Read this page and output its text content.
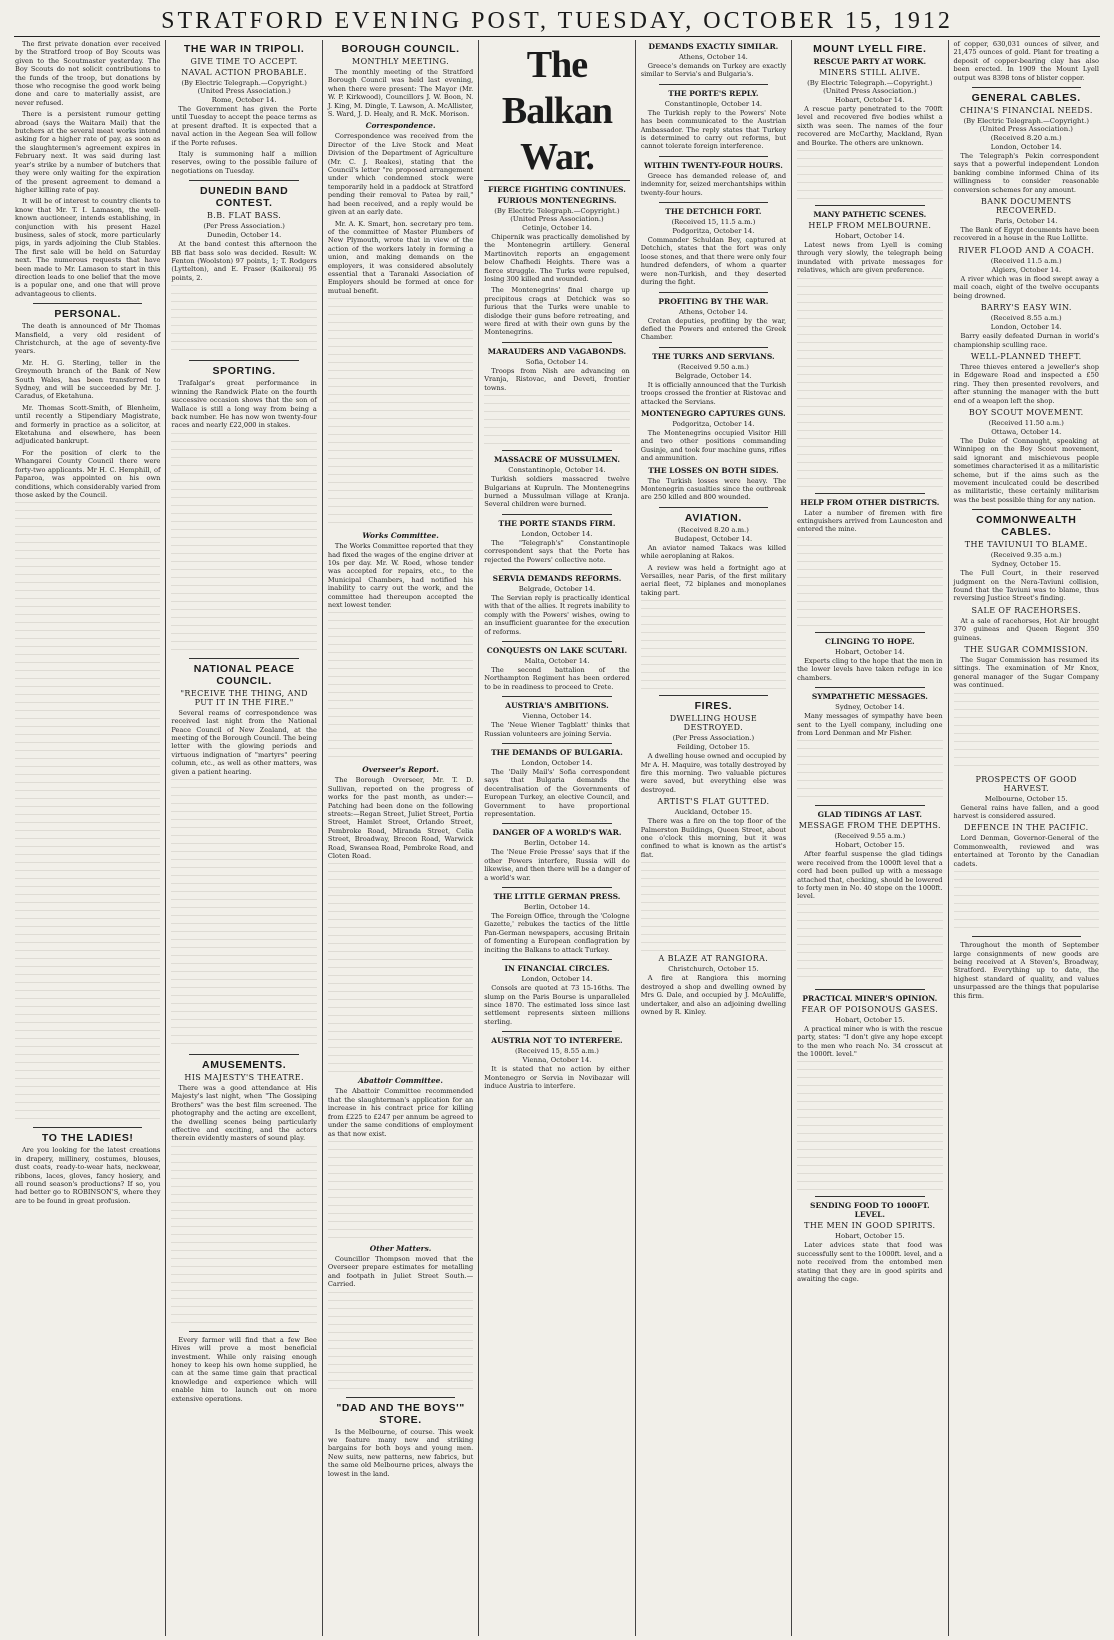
STRATFORD EVENING POST, TUESDAY, OCTOBER 15, 1912

The first private donation ever received by the Stratford troop of Boy Scouts was given to the Scoutmaster yesterday. The Boy Scouts do not solicit contributions to the funds of the troop, but donations by those who recognise the good work being done and care to materially assist, are never refused.

There is a persistent rumour getting abroad (says the Waitara Mail) that the butchers at the several meat works intend asking for a higher rate of pay, as soon as the slaughtermen's agreement expires in February next. It was said during last year's strike by a number of butchers that they were only waiting for the expiration of the present agreement to demand a higher killing rate of pay.

It will be of interest to country clients to know that Mr. T. I. Lamason, the well-known auctioneer, intends establishing, in conjunction with his present Hazel business, sales of stock, more particularly pigs, in yards adjoining the Club Stables. The first sale will be held on Saturday next. The numerous requests that have been made to Mr. Lamason to start in this direction leads to one belief that the move is a popular one, and one that will prove advantageous to clients.

PERSONAL.

The death is announced of Mr Thomas Mansfield, a very old resident of Christchurch, at the age of seventy-five years.

Mr. H. G. Sterling, teller in the Greymouth branch of the Bank of New South Wales, has been transferred to Sydney, and will be succeeded by Mr. J. Caradus, of Eketahuna.

Mr. Thomas Scott-Smith, of Blenheim, until recently a Stipendiary Magistrate, and formerly in practice as a solicitor, at Eketahuna and elsewhere, has been adjudicated bankrupt.

For the position of clerk to the Whangarei County Council there were forty-two applicants. Mr H. C. Hemphill, of Paparoa, was appointed on his own conditions, which considerably varied from those asked by the Council.

TO THE LADIES!

Are you looking for the latest creations in drapery, millinery, costumes, blouses, dust coats, ready-to-wear hats, neckwear, ribbons, laces, gloves, fancy hosiery, and all round season's productions? If so, you had better go to ROBINSON'S, where they are to be found in great profusion.

THE WAR IN TRIPOLI.
GIVE TIME TO ACCEPT.
NAVAL ACTION PROBABLE.
(By Electric Telegraph.—Copyright.) (United Press Association.)
Rome, October 14.

The Government has given the Porte until Tuesday to accept the peace terms as at present drafted. It is expected that a naval action in the Aegean Sea will follow if the Porte refuses.

Italy is summoning half a million reserves, owing to the possible failure of negotiations on Tuesday.

DUNEDIN BAND CONTEST.
B.B. FLAT BASS.
(Per Press Association.)
Dunedin, October 14.

At the band contest this afternoon the BB flat bass solo was decided. Result: W. Fenton (Woolston) 97 points, 1; T. Rodgers (Lyttelton), and E. Fraser (Kaikorai) 95 points, 2.

SPORTING.

Trafalgar's great performance in winning the Randwick Plate on the fourth successive occasion shows that the son of Wallace is still a long way from being a back number. He has now won twenty-four races and nearly £22,000 in stakes.

NATIONAL PEACE COUNCIL.
"RECEIVE THE THING, AND PUT IT IN THE FIRE."

Several reams of correspondence was received last night from the National Peace Council of New Zealand, at the meeting of the Borough Council. The being letter with the glowing periods and virtuous indignation of "martyrs" peering column, etc., as well as other matters, was given a patient hearing.

AMUSEMENTS.
HIS MAJESTY'S THEATRE.

There was a good attendance at His Majesty's last night, when "The Gossiping Brothers" was the best film screened. The photography and the acting are excellent, the dwelling scenes being particularly effective and exciting, and the actors therein evidently masters of sound play.

Every farmer will find that a few Bee Hives will prove a most beneficial investment. While only raising enough honey to keep his own home supplied, he can at the same time gain that practical knowledge and experience which will enable him to launch out on more extensive operations.

BOROUGH COUNCIL.
MONTHLY MEETING.

The monthly meeting of the Stratford Borough Council was held last evening, when there were present: The Mayor (Mr. W. P. Kirkwood), Councillors J. W. Boon, N. J. King, M. Dingle, T. Lawson, A. McAllister, S. Ward, J. D. Healy, and R. McK. Morison.

Correspondence.

Correspondence was received from the Director of the Live Stock and Meat Division of the Department of Agriculture (Mr. C. J. Reakes), stating that the Council's letter "re proposed arrangement under which condemned stock were temporarily held in a paddock at Stratford pending their removal to Patea by rail," had been received, and a reply would be given at an early date.

Mr. A. K. Smart, hon. secretary pro tem. of the committee of Master Plumbers of New Plymouth, wrote that in view of the action of the workers lately in forming a union, and making demands on the employers, it was considered absolutely essential that a Taranaki Association of Employers should be formed at once for mutual benefit.

Works Committee.

The Works Committee reported that they had fixed the wages of the engine driver at 10s per day. Mr. W. Roed, whose tender was accepted for repairs, etc., to the Municipal Chambers, had notified his inability to carry out the work, and the committee had thereupon accepted the next lowest tender.

Overseer's Report.

The Borough Overseer, Mr. T. D. Sullivan, reported on the progress of works for the past month, as under:—Patching had been done on the following streets:—Regan Street, Juliet Street, Portia Street, Hamlet Street, Orlando Street, Pembroke Road, Miranda Street, Celia Street, Broadway, Brecon Road, Warwick Road, Swansea Road, Pembroke Road, and Cloten Road.

Abattoir Committee.

The Abattoir Committee recommended that the slaughterman's application for an increase in his contract price for killing from £225 to £247 per annum be agreed to under the same conditions of employment as that now exist.

Other Matters.

Councillor Thompson moved that the Overseer prepare estimates for metalling and footpath in Juliet Street South.—Carried.

"DAD AND THE BOYS'" STORE.

Is the Melbourne, of course. This week we feature many new and striking bargains for both boys and young men. New suits, new patterns, new fabrics, but the same old Melbourne prices, always the lowest in the land.

The Balkan War.
FIERCE FIGHTING CONTINUES.
FURIOUS MONTENEGRINS.
(By Electric Telegraph.—Copyright.) (United Press Association.)
Cetinje, October 14.

Chipernik was practically demolished by the Montenegrin artillery. General Martinovitch reports an engagement below Chafhedi Heights. There was a fierce struggle. The Turks were repulsed, losing 300 killed and wounded.

The Montenegrins' final charge up precipitous crags at Detchick was so furious that the Turks were unable to dislodge their guns before retreating, and were fired at with their own guns by the Montenegrins.

MARAUDERS AND VAGABONDS.
Sofia, October 14.

Troops from Nish are advancing on Vranja, Ristovac, and Deveti, frontier towns.

MASSACRE OF MUSSULMEN.
Constantinople, October 14.

Turkish soldiers massacred twelve Bulgarians at Kupruln. The Montenegrins burned a Mussulman village at Kranja. Several children were burned.

THE PORTE STANDS FIRM.
London, October 14.

The "Telegraph's" Constantinople correspondent says that the Porte has rejected the Powers' collective note.

SERVIA DEMANDS REFORMS.
Belgrade, October 14.

The Servian reply is practically identical with that of the allies. It regrets inability to comply with the Powers' wishes, owing to an insufficient guarantee for the execution of reforms.

CONQUESTS ON LAKE SCUTARI.
Malta, October 14.

The second battalion of the Northampton Regiment has been ordered to be in readiness to proceed to Crete.

AUSTRIA'S AMBITIONS.
Vienna, October 14.

The 'Neue Wiener Tagblatt' thinks that Russian volunteers are joining Servia.

THE DEMANDS OF BULGARIA.
London, October 14.

The 'Daily Mail's' Sofia correspondent says that Bulgaria demands the decentralisation of the Governments of European Turkey, an elective Council, and Government to have proportional representation.

DANGER OF A WORLD'S WAR.
Berlin, October 14.

The 'Neue Freie Presse' says that if the other Powers interfere, Russia will do likewise, and then there will be a danger of a world's war.

THE LITTLE GERMAN PRESS.
Berlin, October 14.

The Foreign Office, through the 'Cologne Gazette,' rebukes the tactics of the little Pan-German newspapers, accusing Britain of fomenting a European conflagration by inciting the Balkans to attack Turkey.

IN FINANCIAL CIRCLES.
London, October 14.

Consols are quoted at 73 15-16ths. The slump on the Paris Bourse is unparalleled since 1870. The estimated loss since last settlement represents sixteen millions sterling.

AUSTRIA NOT TO INTERFERE.
(Received 15, 8.55 a.m.)
Vienna, October 14.

It is stated that no action by either Montenegro or Servia in Novibazar will induce Austria to interfere.

DEMANDS EXACTLY SIMILAR.
Athens, October 14.

Greece's demands on Turkey are exactly similar to Servia's and Bulgaria's.

THE PORTE'S REPLY.
Constantinople, October 14.

The Turkish reply to the Powers' Note has been communicated to the Austrian Ambassador. The reply states that Turkey is determined to carry out reforms, but cannot tolerate foreign interference.

WITHIN TWENTY-FOUR HOURS.

Greece has demanded release of, and indemnity for, seized merchantships within twenty-four hours.

THE DETCHICH FORT.
(Received 15, 11.5 a.m.)
Podgoritza, October 14.

Commander Schuldan Bey, captured at Detchich, states that the fort was only loose stones, and that there were only four hundred defenders, of whom a quarter were non-Turkish, and they deserted during the fight.

PROFITING BY THE WAR.
Athens, October 14.

Cretan deputies, profiting by the war, defied the Powers and entered the Greek Chamber.

THE TURKS AND SERVIANS.
(Received 9.50 a.m.)
Belgrade, October 14.

It is officially announced that the Turkish troops crossed the frontier at Ristovac and attacked the Servians.

MONTENEGRO CAPTURES GUNS.
Podgoritza, October 14.

The Montenegrins occupied Visitor Hill and two other positions commanding Gusinje, and took four machine guns, rifles and ammunition.

THE LOSSES ON BOTH SIDES.

The Turkish losses were heavy. The Montenegrin casualties since the outbreak are 250 killed and 800 wounded.

AVIATION.
(Received 8.20 a.m.)
Budapest, October 14.

An aviator named Takacs was killed while aeroplaning at Rakos.

A review was held a fortnight ago at Versailles, near Paris, of the first military aerial fleet, 72 biplanes and monoplanes taking part.

FIRES.
DWELLING HOUSE DESTROYED.
(Per Press Association.)
Feilding, October 15.

A dwelling house owned and occupied by Mr A. H. Maquire, was totally destroyed by fire this morning. Two valuable pictures were saved, but everything else was destroyed.

ARTIST'S FLAT GUTTED.
Auckland, October 15.

There was a fire on the top floor of the Palmerston Buildings, Queen Street, about one o'clock this morning, but it was confined to what is known as the artist's flat.

A BLAZE AT RANGIORA.
Christchurch, October 15.

A fire at Rangiora this morning destroyed a shop and dwelling owned by Mrs G. Dale, and occupied by J. McAuliffe, undertaker, and also an adjoining dwelling owned by R. Kinley.

MOUNT LYELL FIRE.
RESCUE PARTY AT WORK.
MINERS STILL ALIVE.
(By Electric Telegraph.—Copyright.) (United Press Association.)
Hobart, October 14.

A rescue party penetrated to the 700ft level and recovered five bodies whilst a sixth was seen. The names of the four recovered are McCarthy, Mackland, Ryan and Bourke. The others are unknown.

MANY PATHETIC SCENES.
HELP FROM MELBOURNE.
Hobart, October 14.

Latest news from Lyell is coming through very slowly, the telegraph being inundated with private messages for relatives, which are given preference.

HELP FROM OTHER DISTRICTS.

Later a number of firemen with fire extinguishers arrived from Launceston and entered the mine.

CLINGING TO HOPE.
Hobart, October 14.

Experts cling to the hope that the men in the lower levels have taken refuge in ice chambers.

SYMPATHETIC MESSAGES.
Sydney, October 14.

Many messages of sympathy have been sent to the Lyell company, including one from Lord Denman and Mr Fisher.

GLAD TIDINGS AT LAST.
MESSAGE FROM THE DEPTHS.
(Received 9.55 a.m.)
Hobart, October 15.

After fearful suspense the glad tidings were received from the 1000ft level that a cord had been pulled up with a message attached that, checking, should be lowered to forty men in No. 40 stope on the 1000ft. level.

PRACTICAL MINER'S OPINION.
FEAR OF POISONOUS GASES.
Hobart, October 15.

A practical miner who is with the rescue party, states: "I don't give any hope except to the men who reach No. 34 crosscut at the 1000ft. level."

SENDING FOOD TO 1000FT. LEVEL.
THE MEN IN GOOD SPIRITS.
Hobart, October 15.

Later advices state that food was successfully sent to the 1000ft. level, and a note received from the entombed men stating that they are in good spirits and awaiting the cage.

of copper, 630,031 ounces of silver, and 21,475 ounces of gold. Plant for treating a deposit of copper-bearing clay has also been erected. In 1909 the Mount Lyell output was 8398 tons of blister copper.

GENERAL CABLES.
CHINA'S FINANCIAL NEEDS.
(By Electric Telegraph.—Copyright.) (United Press Association.)
(Received 8.20 a.m.)
London, October 14.

The Telegraph's Pekin correspondent says that a powerful independent London banking combine informed China of its willingness to consider reasonable conversion schemes for any amount.

BANK DOCUMENTS RECOVERED.
Paris, October 14.

The Bank of Egypt documents have been recovered in a house in the Rue Lollitte.

RIVER FLOOD AND A COACH.
(Received 11.5 a.m.)
Algiers, October 14.

A river which was in flood swept away a mail coach, eight of the twelve occupants being drowned.

BARRY'S EASY WIN.
(Received 8.55 a.m.)
London, October 14.

Barry easily defeated Durnan in world's championship sculling race.

WELL-PLANNED THEFT.

Three thieves entered a jeweller's shop in Edgeware Road and inspected a £50 ring. They then presented revolvers, and after stunning the manager with the butt end of a weapon left the shop.

BOY SCOUT MOVEMENT.
(Received 11.50 a.m.)
Ottawa, October 14.

The Duke of Connaught, speaking at Winnipeg on the Boy Scout movement, said ignorant and mischievous people sometimes characterised it as a militaristic scheme, but if the aims such as the movement inculcated could be described as militaristic, these certainly militarism was the best possible thing for any nation.

COMMONWEALTH CABLES.
THE TAVIUNUI TO BLAME.
(Received 9.35 a.m.)
Sydney, October 15.

The Full Court, in their reserved judgment on the Nera-Taviuni collision, found that the Taviuni was to blame, thus reversing Justice Street's finding.

SALE OF RACEHORSES.

At a sale of racehorses, Hot Air brought 370 guineas and Queen Regent 350 guineas.

THE SUGAR COMMISSION.

The Sugar Commission has resumed its sittings. The examination of Mr Knox, general manager of the Sugar Company was continued.

PROSPECTS OF GOOD HARVEST.
Melbourne, October 15.

General rains have fallen, and a good harvest is considered assured.

DEFENCE IN THE PACIFIC.

Lord Denman, Governor-General of the Commonwealth, reviewed and was entertained at Toronto by the Canadian cadets.

Throughout the month of September large consignments of new goods are being received at A Steven's, Broadway, Stratford. Everything up to date, the highest standard of quality, and values unsurpassed are the things that popularise this firm.
